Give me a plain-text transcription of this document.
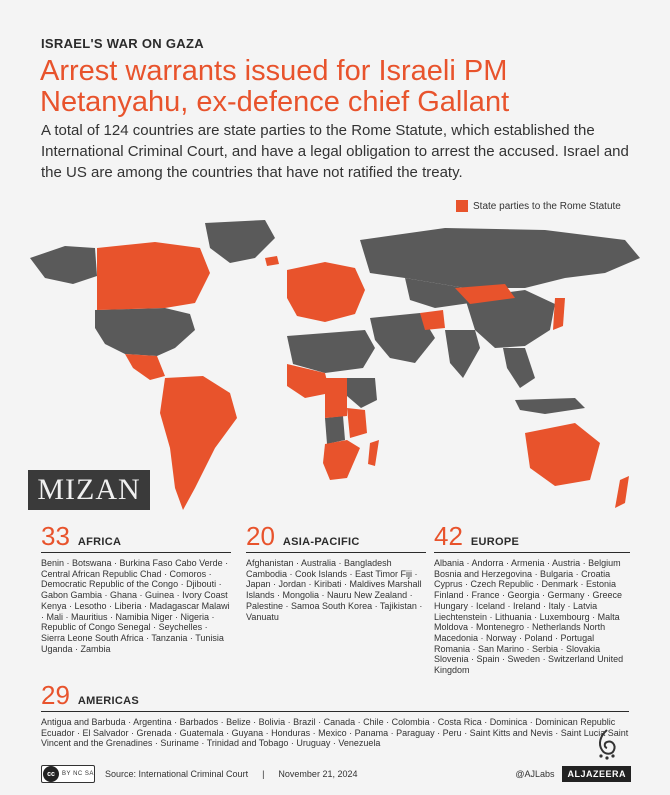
ISRAEL'S WAR ON GAZA
Arrest warrants issued for Israeli PM Netanyahu, ex-defence chief Gallant
A total of 124 countries are state parties to the Rome Statute, which established the International Criminal Court, and have a legal obligation to arrest the accused. Israel and the US are among the countries that have not ratified the treaty.
State parties to the Rome Statute
MIZAN
33 AFRICA
Benin · Botswana · Burkina Faso Cabo Verde · Central African Republic Chad · Comoros · Democratic Republic of the Congo · Djibouti · Gabon Gambia · Ghana · Guinea · Ivory Coast Kenya · Lesotho · Liberia · Madagascar Malawi · Mali · Mauritius · Namibia Niger · Nigeria · Republic of Congo Senegal · Seychelles · Sierra Leone South Africa · Tanzania · Tunisia Uganda · Zambia
20 ASIA-PACIFIC
Afghanistan · Australia · Bangladesh Cambodia · Cook Islands · East Timor Fiji · Japan · Jordan · Kiribati · Maldives Marshall Islands · Mongolia · Nauru New Zealand · Palestine · Samoa South Korea · Tajikistan · Vanuatu
42 EUROPE
Albania · Andorra · Armenia · Austria · Belgium Bosnia and Herzegovina · Bulgaria · Croatia Cyprus · Czech Republic · Denmark · Estonia Finland · France · Georgia · Germany · Greece Hungary · Iceland · Ireland · Italy · Latvia Liechtenstein · Lithuania · Luxembourg · Malta Moldova · Montenegro · Netherlands North Macedonia · Norway · Poland · Portugal Romania · San Marino · Serbia · Slovakia Slovenia · Spain · Sweden · Switzerland United Kingdom
29 AMERICAS
Antigua and Barbuda · Argentina · Barbados · Belize · Bolivia · Brazil · Canada · Chile · Colombia · Costa Rica · Dominica · Dominican Republic Ecuador · El Salvador · Grenada · Guatemala · Guyana · Honduras · Mexico · Panama · Paraguay · Peru · Saint Kitts and Nevis · Saint Lucia Saint Vincent and the Grenadines · Suriname · Trinidad and Tobago · Uruguay · Venezuela
cc	BY NC SA Source: International Criminal Court | November 21, 2024	@AJLabs	ALJAZEERA
